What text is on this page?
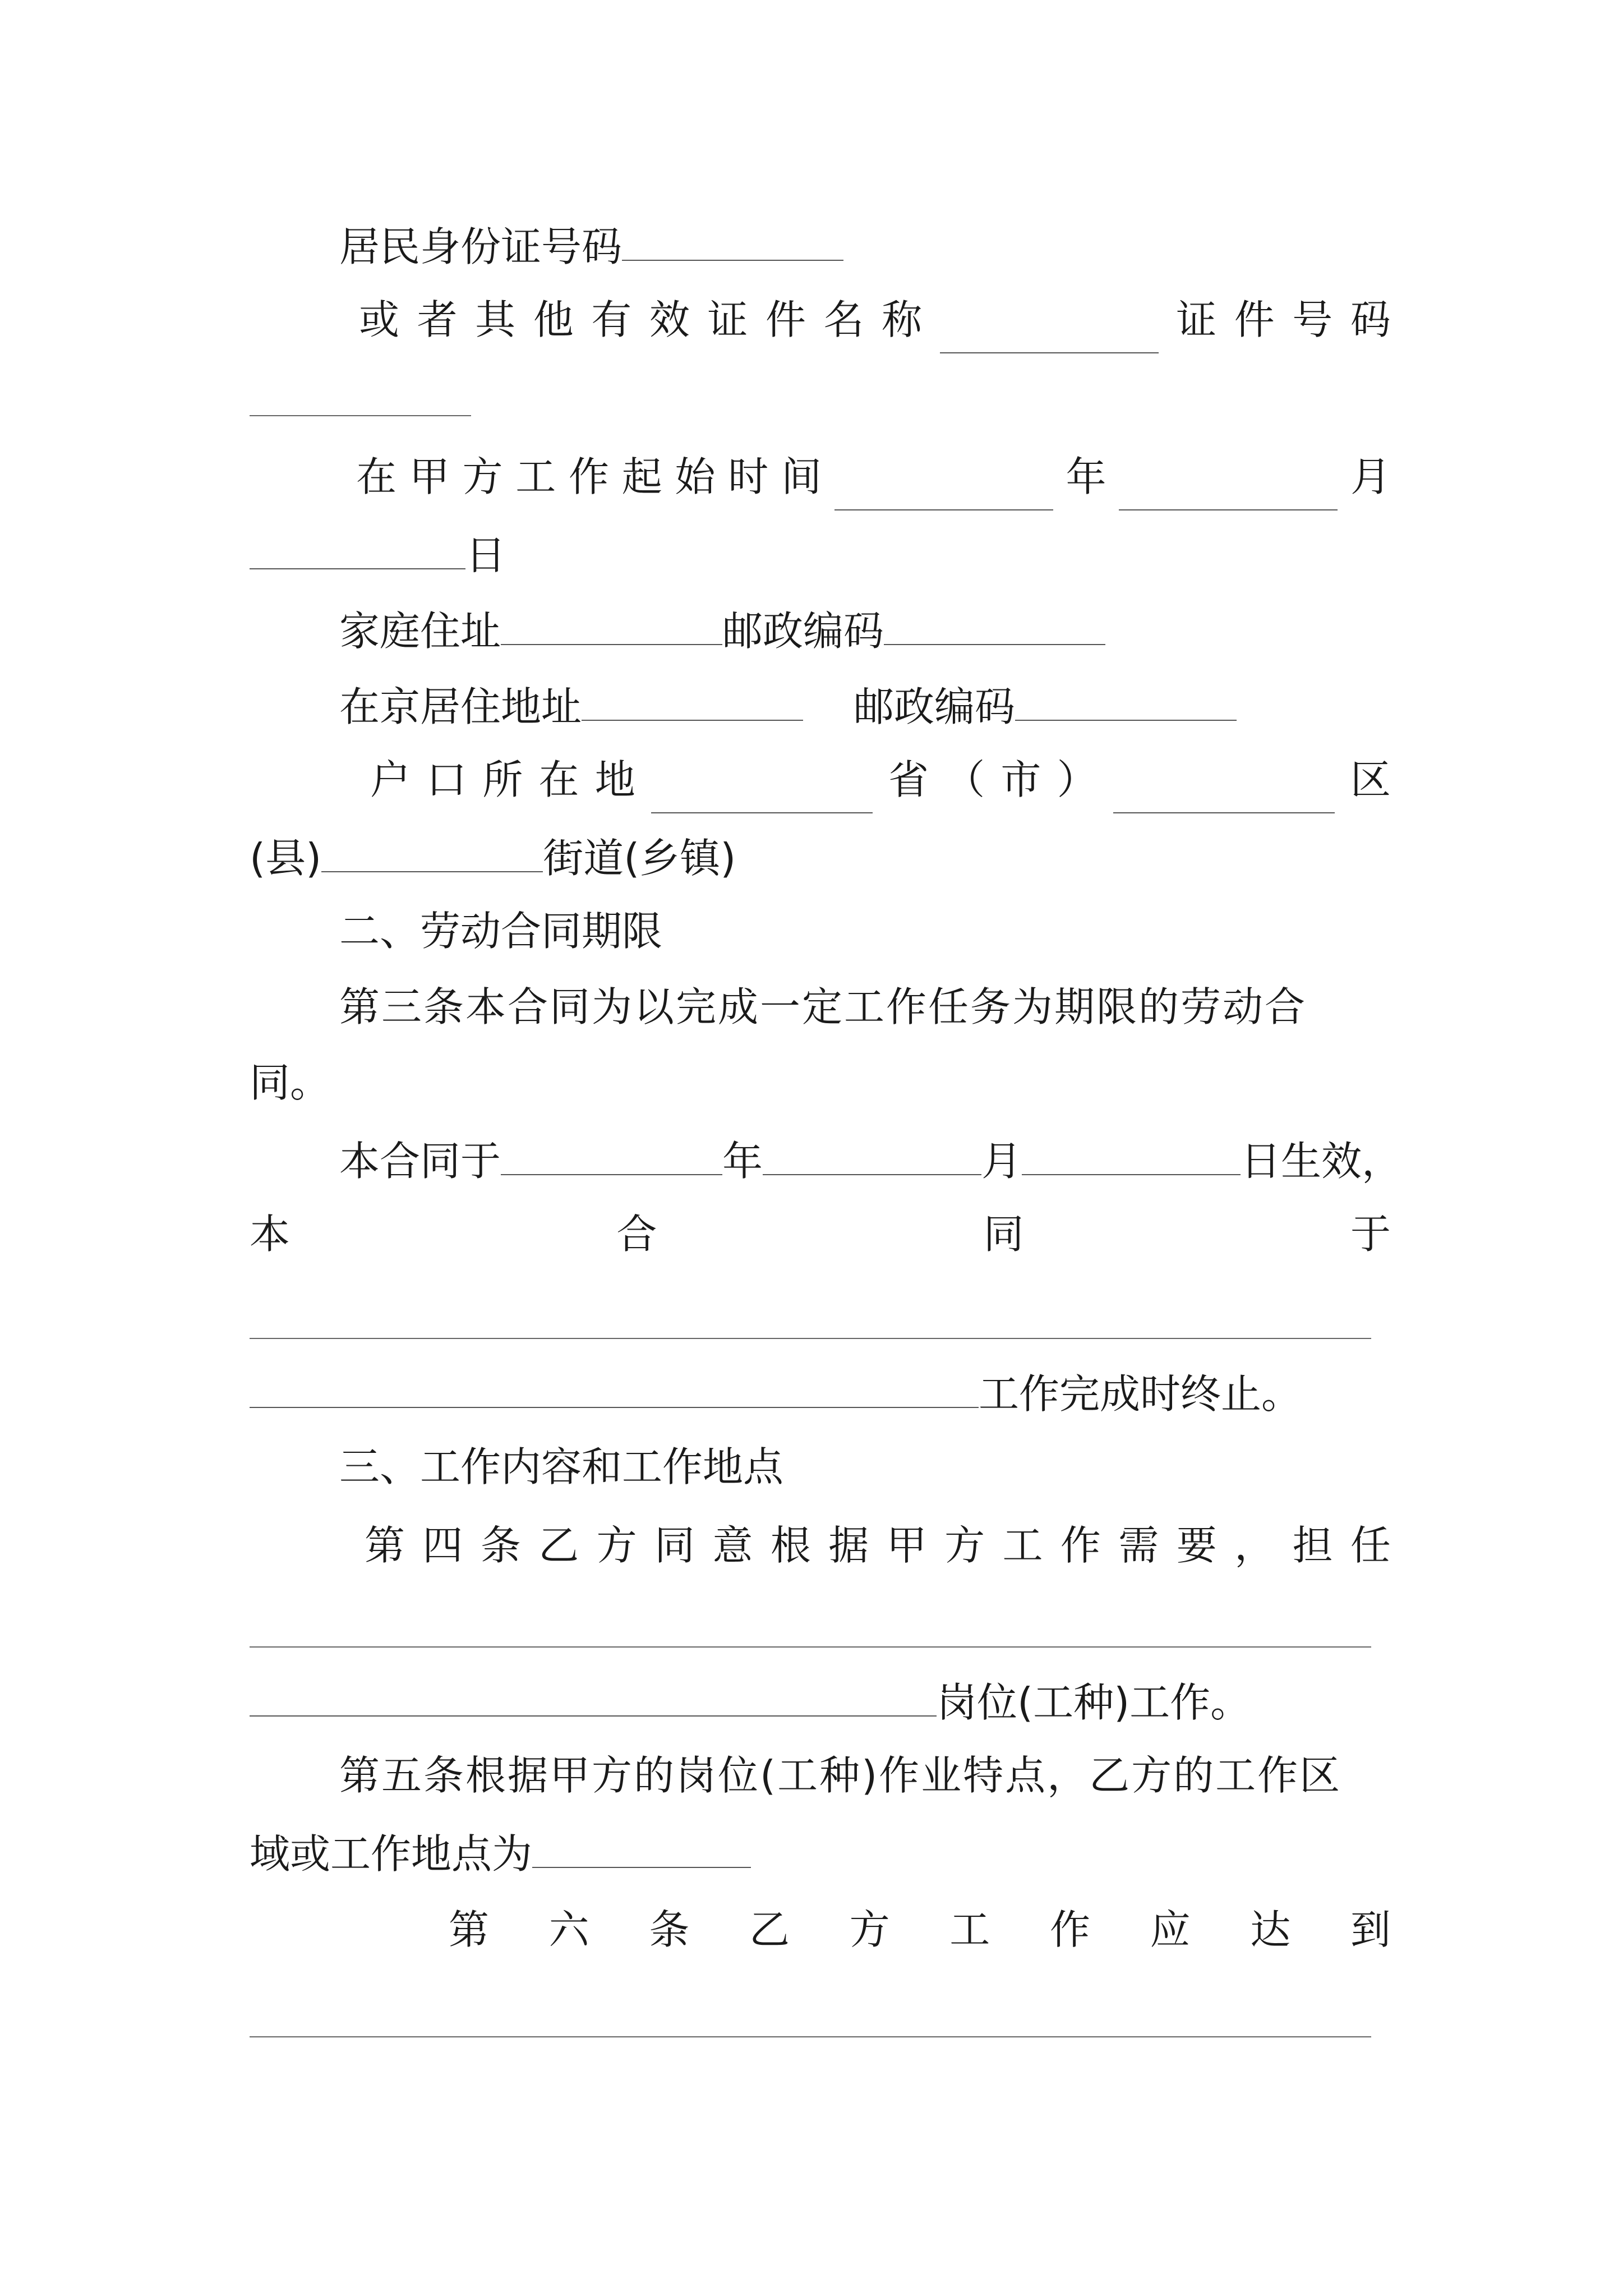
居民身份证号码
或 者 其 他 有 效 证 件 名 称	证 件 号 码
在 甲 方 工 作 起 始 时 间	年	月
日
家庭住址	邮政编码
在京居住地址	邮政编码
户 口 所 在 地	省 （ 市 ）	区
(县)	街道(乡镇)
二、劳动合同期限
第三条本合同为以完成一定工作任务为期限的劳动合
同。
本合同于	年	月	日生效，
本	合	同	于
工作完成时终止。
三、工作内容和工作地点
第 四 条 乙 方 同 意 根 据 甲 方 工 作 需 要 ， 担 任
岗位(工种)工作。
第五条根据甲方的岗位(工种)作业特点，乙方的工作区
域或工作地点为
第 六 条 乙 方 工 作 应 达 到
